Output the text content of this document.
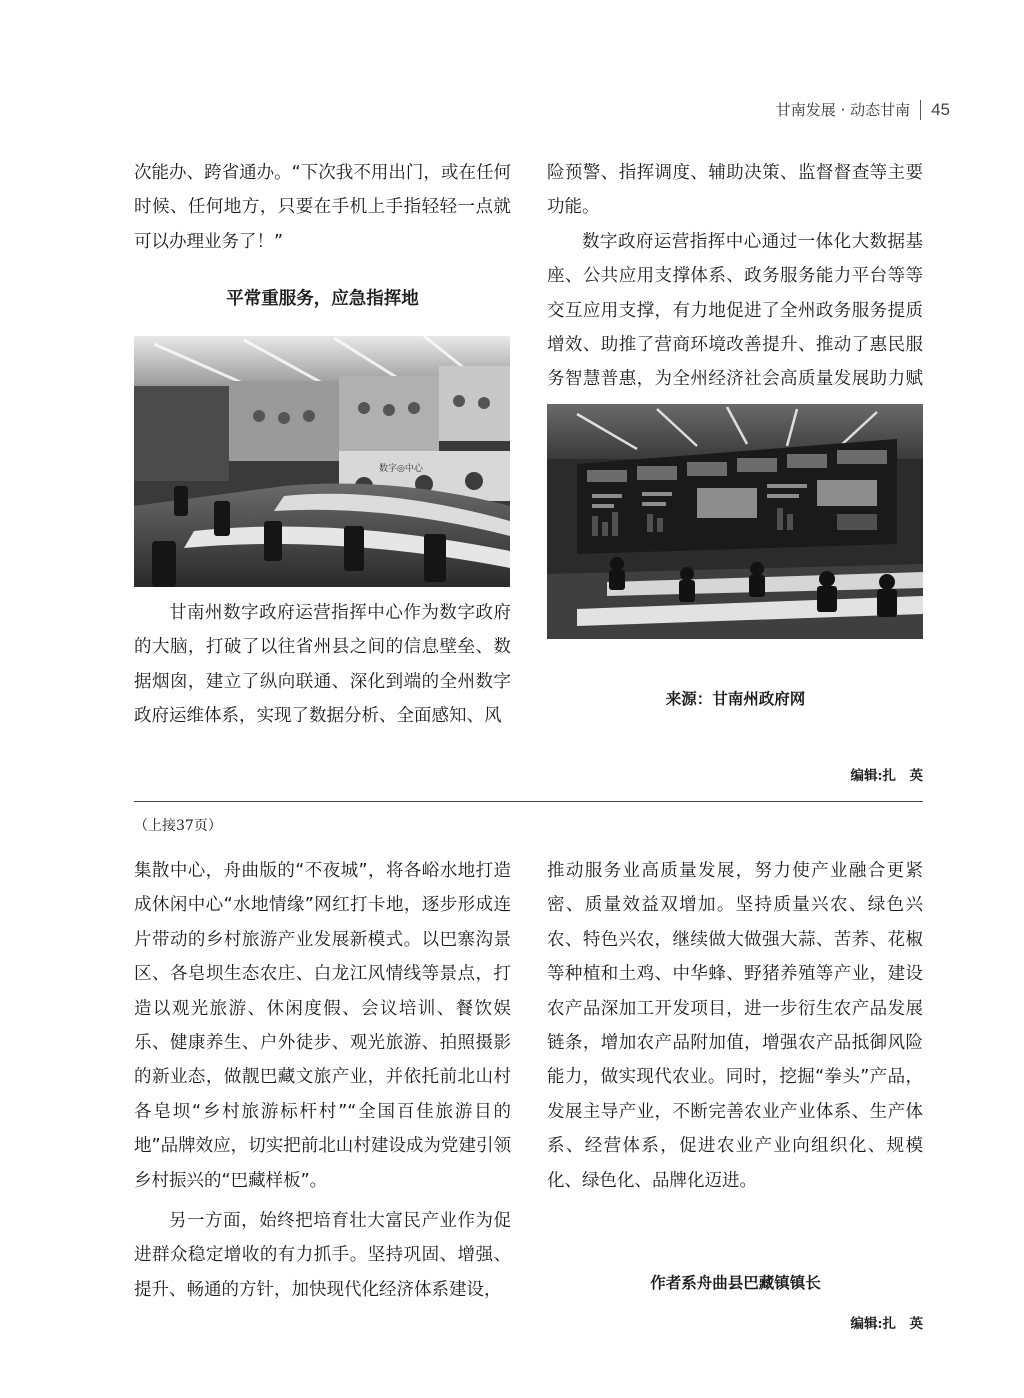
甘南发展 · 动态甘南 45

次能办、跨省通办。“下次我不用出门，或在任何时候、任何地方，只要在手机上手指轻轻一点就可以办理业务了！”

平常重服务，应急指挥地
数字◎中心

甘南州数字政府运营指挥中心作为数字政府的大脑，打破了以往省州县之间的信息壁垒、数据烟囱，建立了纵向联通、深化到端的全州数字政府运维体系，实现了数据分析、全面感知、风

险预警、指挥调度、辅助决策、监督督查等主要功能。

数字政府运营指挥中心通过一体化大数据基座、公共应用支撑体系、政务服务能力平台等等交互应用支撑，有力地促进了全州政务服务提质增效、助推了营商环境改善提升、推动了惠民服务智慧普惠，为全州经济社会高质量发展助力赋

来源：甘南州政府网
编辑:扎　英
（上接37页）

集散中心，舟曲版的“不夜城”，将各峪水地打造成休闲中心“水地情缘”网红打卡地，逐步形成连片带动的乡村旅游产业发展新模式。以巴寨沟景区、各皂坝生态农庄、白龙江风情线等景点，打造以观光旅游、休闲度假、会议培训、餐饮娱乐、健康养生、户外徒步、观光旅游、拍照摄影的新业态，做靓巴藏文旅产业，并依托前北山村各皂坝“乡村旅游标杆村”“全国百佳旅游目的地”品牌效应，切实把前北山村建设成为党建引领乡村振兴的“巴藏样板”。

另一方面，始终把培育壮大富民产业作为促进群众稳定增收的有力抓手。坚持巩固、增强、提升、畅通的方针，加快现代化经济体系建设，

推动服务业高质量发展，努力使产业融合更紧密、质量效益双增加。坚持质量兴农、绿色兴农、特色兴农，继续做大做强大蒜、苦荞、花椒等种植和土鸡、中华蜂、野猪养殖等产业，建设农产品深加工开发项目，进一步衍生农产品发展链条，增加农产品附加值，增强农产品抵御风险能力，做实现代农业。同时，挖掘“拳头”产品，发展主导产业，不断完善农业产业体系、生产体系、经营体系，促进农业产业向组织化、规模化、绿色化、品牌化迈进。

作者系舟曲县巴藏镇镇长
编辑:扎　英
